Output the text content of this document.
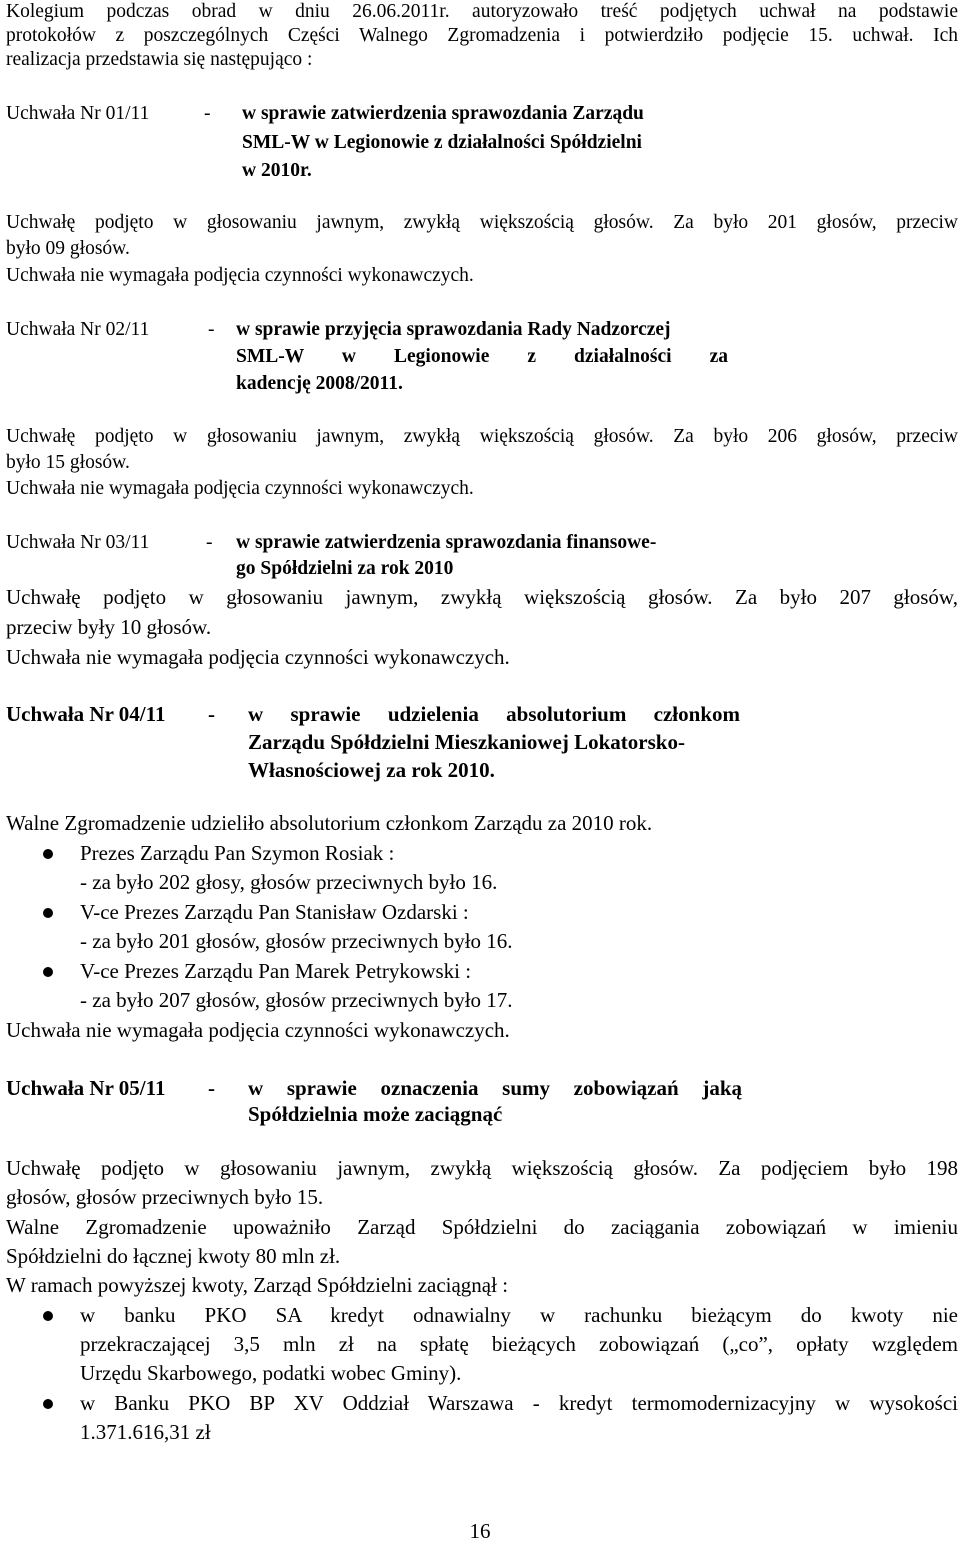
Kolegium podczas obrad w dniu 26.06.2011r. autoryzowało treść podjętych uchwał na podstawie
protokołów z poszczególnych Części Walnego Zgromadzenia i potwierdziło podjęcie 15. uchwał. Ich
realizacja przedstawia się następująco :
Uchwała Nr 01/11	- w sprawie zatwierdzenia sprawozdania Zarządu
SML-W w Legionowie z działalności Spółdzielni
w 2010r.
Uchwałę podjęto w głosowaniu jawnym, zwykłą większością głosów. Za było 201 głosów, przeciw
było 09 głosów.
Uchwała nie wymagała podjęcia czynności wykonawczych.
Uchwała Nr 02/11	- w sprawie przyjęcia sprawozdania Rady Nadzorczej
SML-W w Legionowie z działalności za
kadencję 2008/2011.
Uchwałę podjęto w głosowaniu jawnym, zwykłą większością głosów. Za było 206 głosów, przeciw
było 15 głosów.
Uchwała nie wymagała podjęcia czynności wykonawczych.
Uchwała Nr 03/11	- w sprawie zatwierdzenia sprawozdania finansowe-
go Spółdzielni za rok 2010
Uchwałę podjęto w głosowaniu jawnym, zwykłą większością głosów. Za było 207 głosów,
przeciw były 10 głosów.
Uchwała nie wymagała podjęcia czynności wykonawczych.
Uchwała Nr 04/11 - w sprawie udzielenia absolutorium członkom
Zarządu Spółdzielni Mieszkaniowej Lokatorsko-
Własnościowej za rok 2010.
Walne Zgromadzenie udzieliło absolutorium członkom Zarządu za 2010 rok.
Prezes Zarządu Pan Szymon Rosiak :
- za było 202 głosy, głosów przeciwnych było 16.
V-ce Prezes Zarządu Pan Stanisław Ozdarski :
- za było 201 głosów, głosów przeciwnych było 16.
V-ce Prezes Zarządu Pan Marek Petrykowski :
- za było 207 głosów, głosów przeciwnych było 17.
Uchwała nie wymagała podjęcia czynności wykonawczych.
Uchwała Nr 05/11 - w sprawie oznaczenia sumy zobowiązań jaką
Spółdzielnia może zaciągnąć
Uchwałę podjęto w głosowaniu jawnym, zwykłą większością głosów. Za podjęciem było 198
głosów, głosów przeciwnych było 15.
Walne Zgromadzenie upoważniło Zarząd Spółdzielni do zaciągania zobowiązań w imieniu
Spółdzielni do łącznej kwoty 80 mln zł.
W ramach powyższej kwoty, Zarząd Spółdzielni zaciągnął :
w banku PKO SA kredyt odnawialny w rachunku bieżącym do kwoty nie
przekraczającej 3,5 mln zł na spłatę bieżących zobowiązań („co”, opłaty względem
Urzędu Skarbowego, podatki wobec Gminy).
w Banku PKO BP XV Oddział Warszawa - kredyt termomodernizacyjny w wysokości
1.371.616,31 zł
16
